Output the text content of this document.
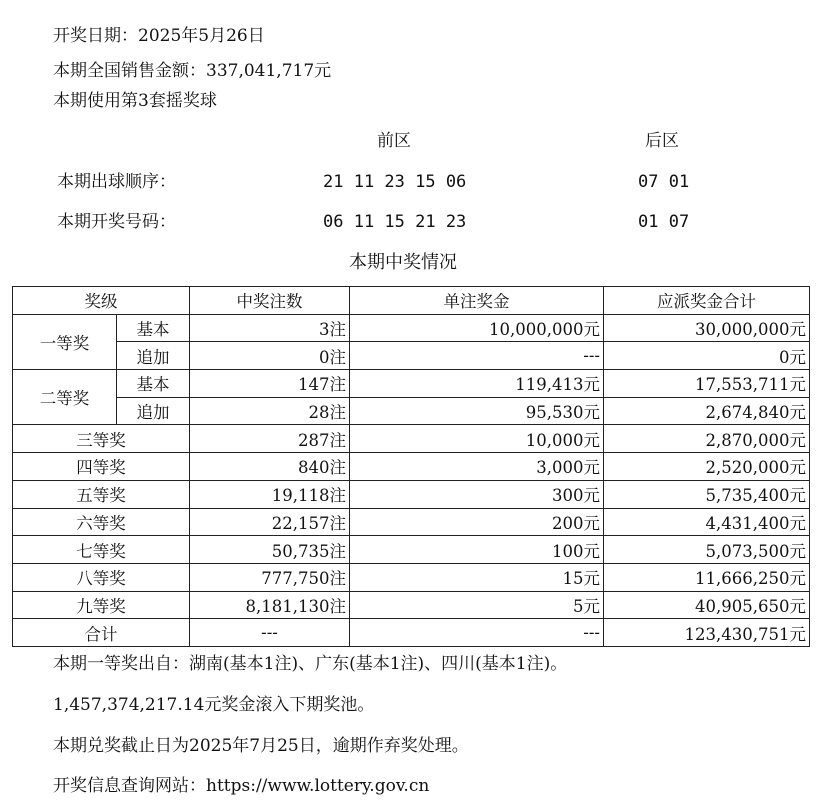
开奖日期：2025年5月26日
本期全国销售金额：337,041,717元
本期使用第3套摇奖球
前区	后区
本期出球顺序：	21 11 23 15 06	07 01
本期开奖号码：	06 11 15 21 23	01 07
本期中奖情况
奖级		中奖注数	单注奖金	应派奖金合计
一等奖	基本	3注	10,000,000元	30,000,000元
	追加	0注	---	0元
二等奖	基本	147注	119,413元	17,553,711元
	追加	28注	95,530元	2,674,840元
三等奖		287注	10,000元	2,870,000元
四等奖		840注	3,000元	2,520,000元
五等奖		19,118注	300元	5,735,400元
六等奖		22,157注	200元	4,431,400元
七等奖		50,735注	100元	5,073,500元
八等奖		777,750注	15元	11,666,250元
九等奖		8,181,130注	5元	40,905,650元
合计		---	---	123,430,751元
本期一等奖出自：湖南(基本1注)、广东(基本1注)、四川(基本1注)。
1,457,374,217.14元奖金滚入下期奖池。
本期兑奖截止日为2025年7月25日，逾期作弃奖处理。
开奖信息查询网站：https://www.lottery.gov.cn
